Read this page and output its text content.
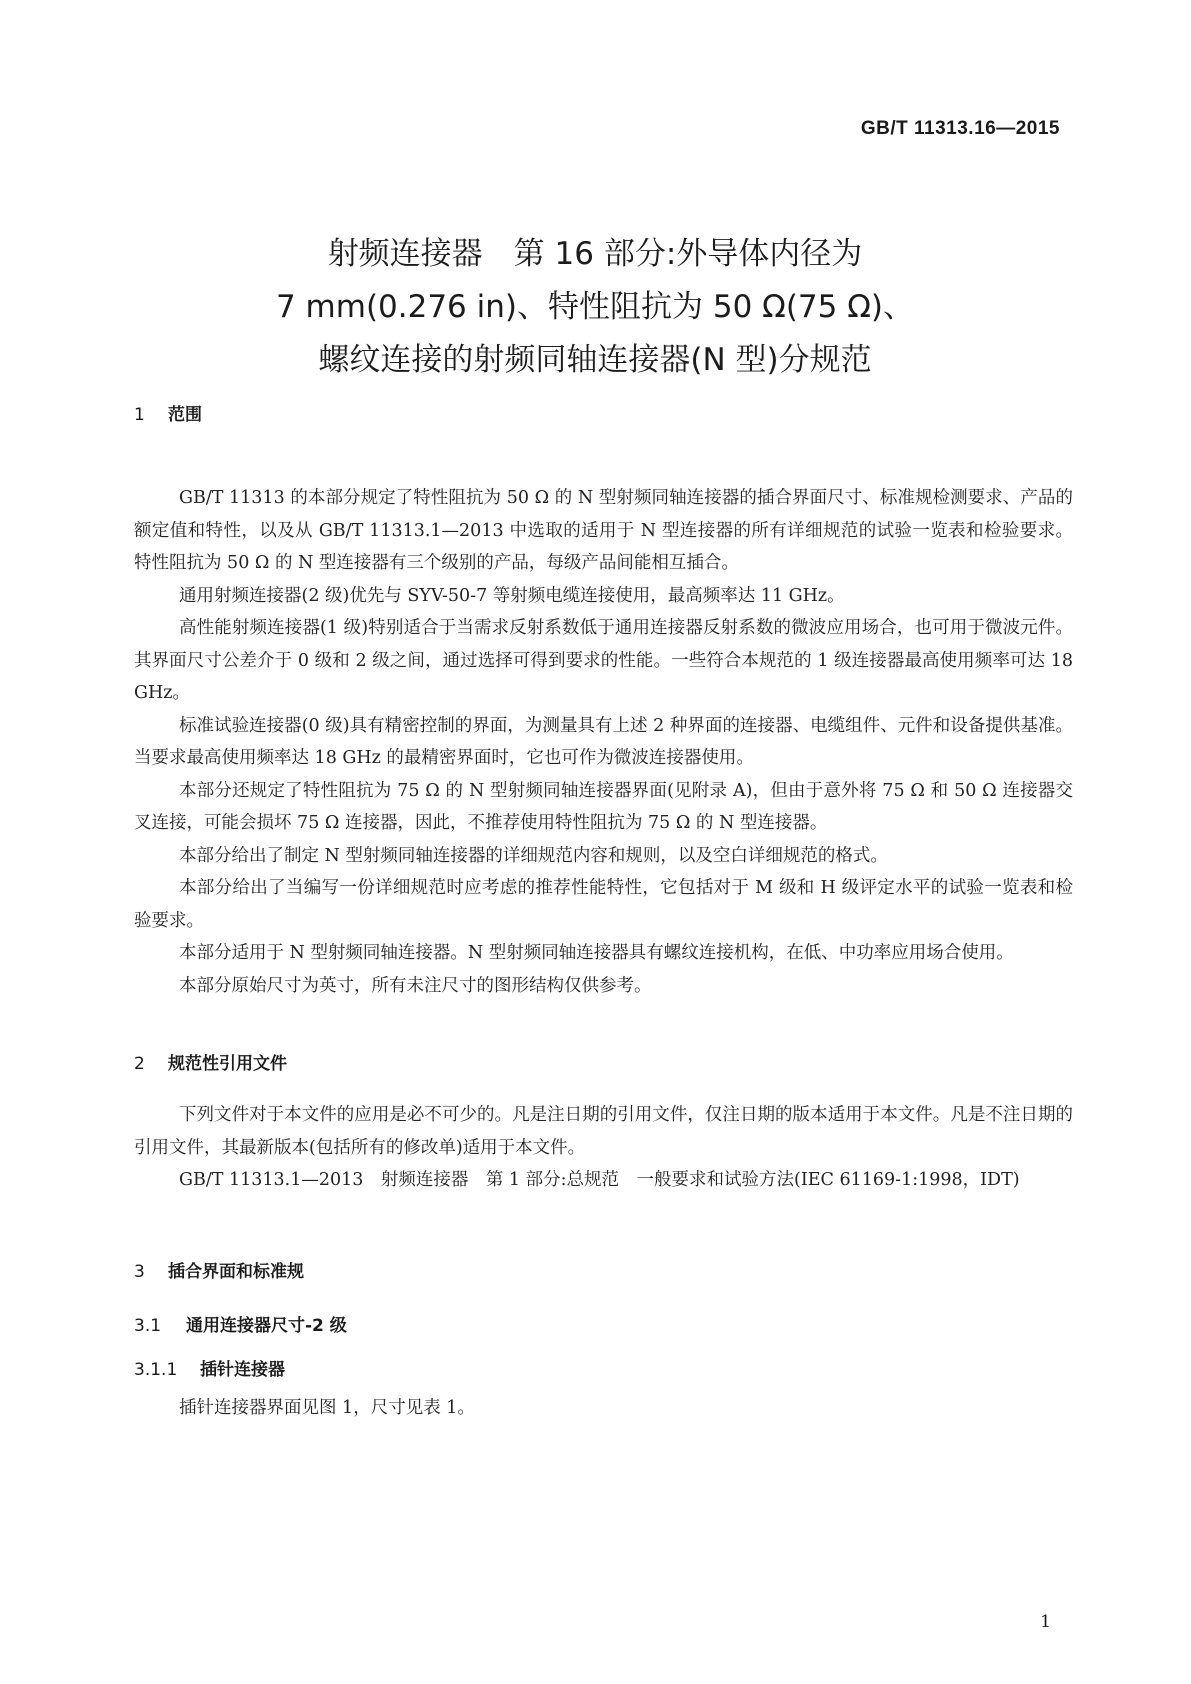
GB/T 11313.16—2015
射频连接器　第 16 部分:外导体内径为
7 mm(0.276 in)、特性阻抗为 50 Ω(75 Ω)、
螺纹连接的射频同轴连接器(N 型)分规范
1 范围

GB/T 11313 的本部分规定了特性阻抗为 50 Ω 的 N 型射频同轴连接器的插合界面尺寸、标准规检测要求、产品的额定值和特性，以及从 GB/T 11313.1—2013 中选取的适用于 N 型连接器的所有详细规范的试验一览表和检验要求。特性阻抗为 50 Ω 的 N 型连接器有三个级别的产品，每级产品间能相互插合。

通用射频连接器(2 级)优先与 SYV-50-7 等射频电缆连接使用，最高频率达 11 GHz。

高性能射频连接器(1 级)特别适合于当需求反射系数低于通用连接器反射系数的微波应用场合，也可用于微波元件。其界面尺寸公差介于 0 级和 2 级之间，通过选择可得到要求的性能。一些符合本规范的 1 级连接器最高使用频率可达 18 GHz。

标准试验连接器(0 级)具有精密控制的界面，为测量具有上述 2 种界面的连接器、电缆组件、元件和设备提供基准。当要求最高使用频率达 18 GHz 的最精密界面时，它也可作为微波连接器使用。

本部分还规定了特性阻抗为 75 Ω 的 N 型射频同轴连接器界面(见附录 A)，但由于意外将 75 Ω 和 50 Ω 连接器交叉连接，可能会损坏 75 Ω 连接器，因此，不推荐使用特性阻抗为 75 Ω 的 N 型连接器。

本部分给出了制定 N 型射频同轴连接器的详细规范内容和规则，以及空白详细规范的格式。

本部分给出了当编写一份详细规范时应考虑的推荐性能特性，它包括对于 M 级和 H 级评定水平的试验一览表和检验要求。

本部分适用于 N 型射频同轴连接器。N 型射频同轴连接器具有螺纹连接机构，在低、中功率应用场合使用。

本部分原始尺寸为英寸，所有未注尺寸的图形结构仅供参考。

2 规范性引用文件

下列文件对于本文件的应用是必不可少的。凡是注日期的引用文件，仅注日期的版本适用于本文件。凡是不注日期的引用文件，其最新版本(包括所有的修改单)适用于本文件。

GB/T 11313.1—2013　射频连接器　第 1 部分:总规范　一般要求和试验方法(IEC 61169-1:1998，IDT)

3 插合界面和标准规
3.1 通用连接器尺寸-2 级
3.1.1 插针连接器

插针连接器界面见图 1，尺寸见表 1。

1
